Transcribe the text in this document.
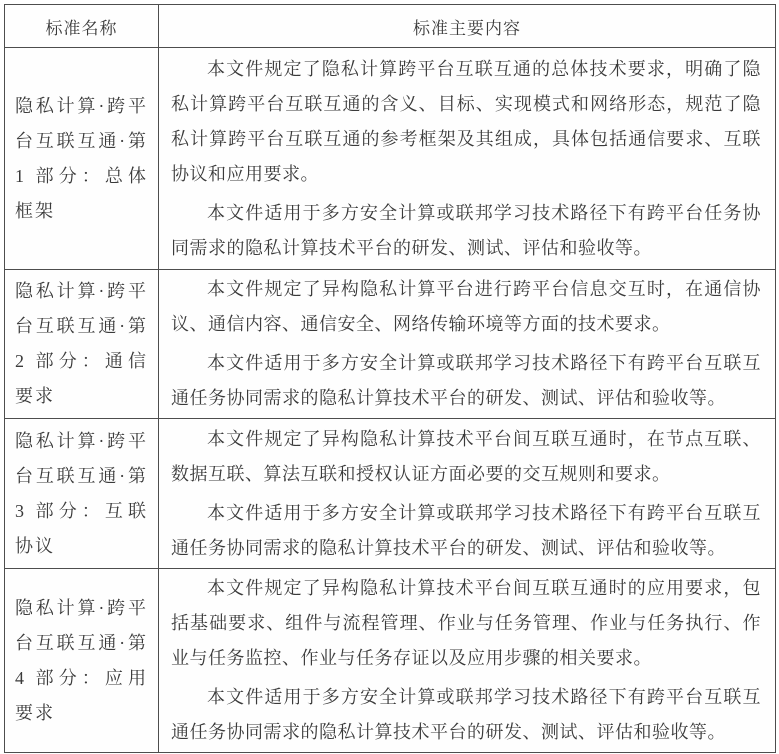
标准名称	标准主要内容
隐私计算·跨平台互联互通·第 1 部分：总体框架	本文件规定了隐私计算跨平台互联互通的总体技术要求，明确了隐私计算跨平台互联互通的含义、目标、实现模式和网络形态，规范了隐私计算跨平台互联互通的参考框架及其组成，具体包括通信要求、互联协议和应用要求。

本文件适用于多方安全计算或联邦学习技术路径下有跨平台任务协同需求的隐私计算技术平台的研发、测试、评估和验收等。

隐私计算·跨平台互联互通·第 2 部分：通信要求	本文件规定了异构隐私计算平台进行跨平台信息交互时，在通信协议、通信内容、通信安全、网络传输环境等方面的技术要求。

本文件适用于多方安全计算或联邦学习技术路径下有跨平台互联互通任务协同需求的隐私计算技术平台的研发、测试、评估和验收等。

隐私计算·跨平台互联互通·第 3 部分：互联协议	本文件规定了异构隐私计算技术平台间互联互通时，在节点互联、数据互联、算法互联和授权认证方面必要的交互规则和要求。

本文件适用于多方安全计算或联邦学习技术路径下有跨平台互联互通任务协同需求的隐私计算技术平台的研发、测试、评估和验收等。

隐私计算·跨平台互联互通·第 4 部分：应用要求	本文件规定了异构隐私计算技术平台间互联互通时的应用要求，包括基础要求、组件与流程管理、作业与任务管理、作业与任务执行、作业与任务监控、作业与任务存证以及应用步骤的相关要求。

本文件适用于多方安全计算或联邦学习技术路径下有跨平台互联互通任务协同需求的隐私计算技术平台的研发、测试、评估和验收等。
